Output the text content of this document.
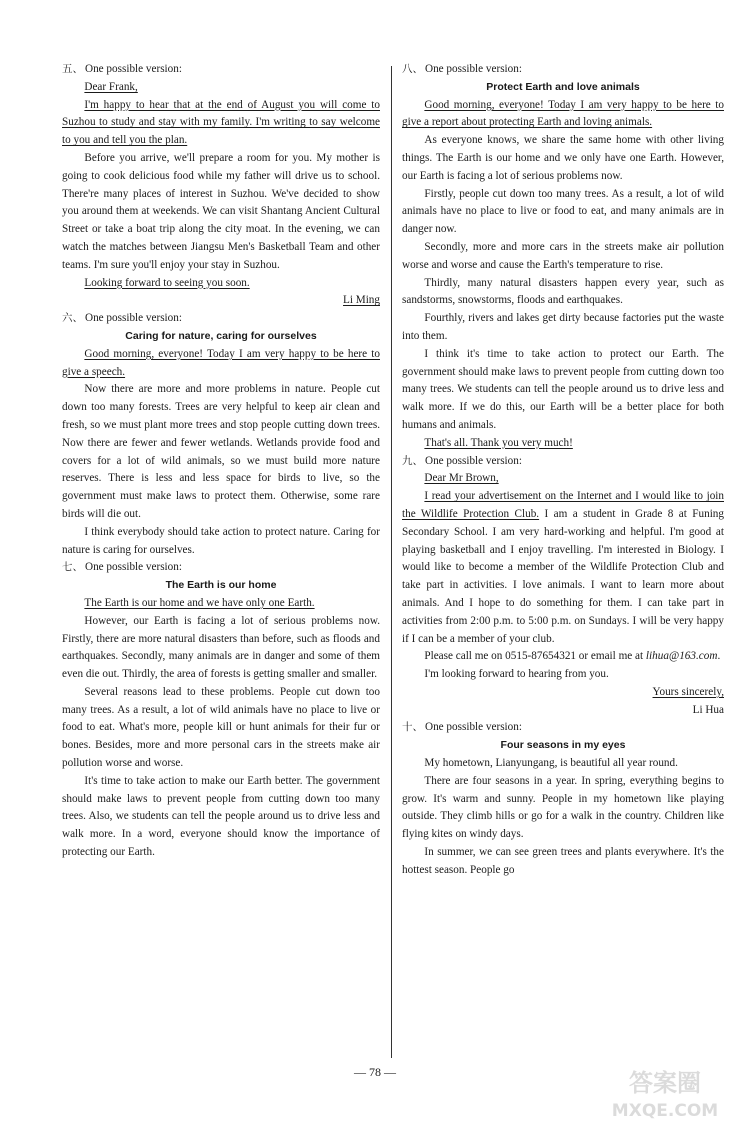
五、 One possible version:

Dear Frank,

I'm happy to hear that at the end of August you will come to Suzhou to study and stay with my family. I'm writing to say welcome to you and tell you the plan.

Before you arrive, we'll prepare a room for you. My mother is going to cook delicious food while my father will drive us to school. There're many places of interest in Suzhou. We've decided to show you around them at weekends. We can visit Shantang Ancient Cultural Street or take a boat trip along the city moat. In the evening, we can watch the matches between Jiangsu Men's Basketball Team and other teams. I'm sure you'll enjoy your stay in Suzhou.

Looking forward to seeing you soon.

Li Ming

六、 One possible version:
Caring for nature, caring for ourselves

Good morning, everyone! Today I am very happy to be here to give a speech.

Now there are more and more problems in nature. People cut down too many forests. Trees are very helpful to keep air clean and fresh, so we must plant more trees and stop people cutting down trees. Now there are fewer and fewer wetlands. Wetlands provide food and covers for a lot of wild animals, so we must build more nature reserves. There is less and less space for birds to live, so the government must make laws to protect them. Otherwise, some rare birds will die out.

I think everybody should take action to protect nature. Caring for nature is caring for ourselves.

七、 One possible version:
The Earth is our home

The Earth is our home and we have only one Earth.

However, our Earth is facing a lot of serious problems now. Firstly, there are more natural disasters than before, such as floods and earthquakes. Secondly, many animals are in danger and some of them even die out. Thirdly, the area of forests is getting smaller and smaller.

Several reasons lead to these problems. People cut down too many trees. As a result, a lot of wild animals have no place to live or food to eat. What's more, people kill or hunt animals for their fur or bones. Besides, more and more personal cars in the streets make air pollution worse and worse.

It's time to take action to make our Earth better. The government should make laws to prevent people from cutting down too many trees. Also, we students can tell the people around us to drive less and walk more. In a word, everyone should know the importance of protecting our Earth.

八、 One possible version:
Protect Earth and love animals

Good morning, everyone! Today I am very happy to be here to give a report about protecting Earth and loving animals.

As everyone knows, we share the same home with other living things. The Earth is our home and we only have one Earth. However, our Earth is facing a lot of serious problems now.

Firstly, people cut down too many trees. As a result, a lot of wild animals have no place to live or food to eat, and many animals are in danger now.

Secondly, more and more cars in the streets make air pollution worse and worse and cause the Earth's temperature to rise.

Thirdly, many natural disasters happen every year, such as sandstorms, snowstorms, floods and earthquakes.

Fourthly, rivers and lakes get dirty because factories put the waste into them.

I think it's time to take action to protect our Earth. The government should make laws to prevent people from cutting down too many trees. We students can tell the people around us to drive less and walk more. If we do this, our Earth will be a better place for both humans and animals.

That's all. Thank you very much!

九、 One possible version:

Dear Mr Brown,

I read your advertisement on the Internet and I would like to join the Wildlife Protection Club. I am a student in Grade 8 at Funing Secondary School. I am very hard-working and helpful. I'm good at playing basketball and I enjoy travelling. I'm interested in Biology. I would like to become a member of the Wildlife Protection Club and take part in activities. I love animals. I want to learn more about animals. And I hope to do something for them. I can take part in activities from 2:00 p.m. to 5:00 p.m. on Sundays. I will be very happy if I can be a member of your club.

Please call me on 0515-87654321 or email me at lihua@163.com.

I'm looking forward to hearing from you.

Yours sincerely,

Li Hua

十、 One possible version:
Four seasons in my eyes

My hometown, Lianyungang, is beautiful all year round.

There are four seasons in a year. In spring, everything begins to grow. It's warm and sunny. People in my hometown like playing outside. They climb hills or go for a walk in the country. Children like flying kites on windy days.

In summer, we can see green trees and plants everywhere. It's the hottest season. People go

— 78 —	答案圈
MXQE.COM
